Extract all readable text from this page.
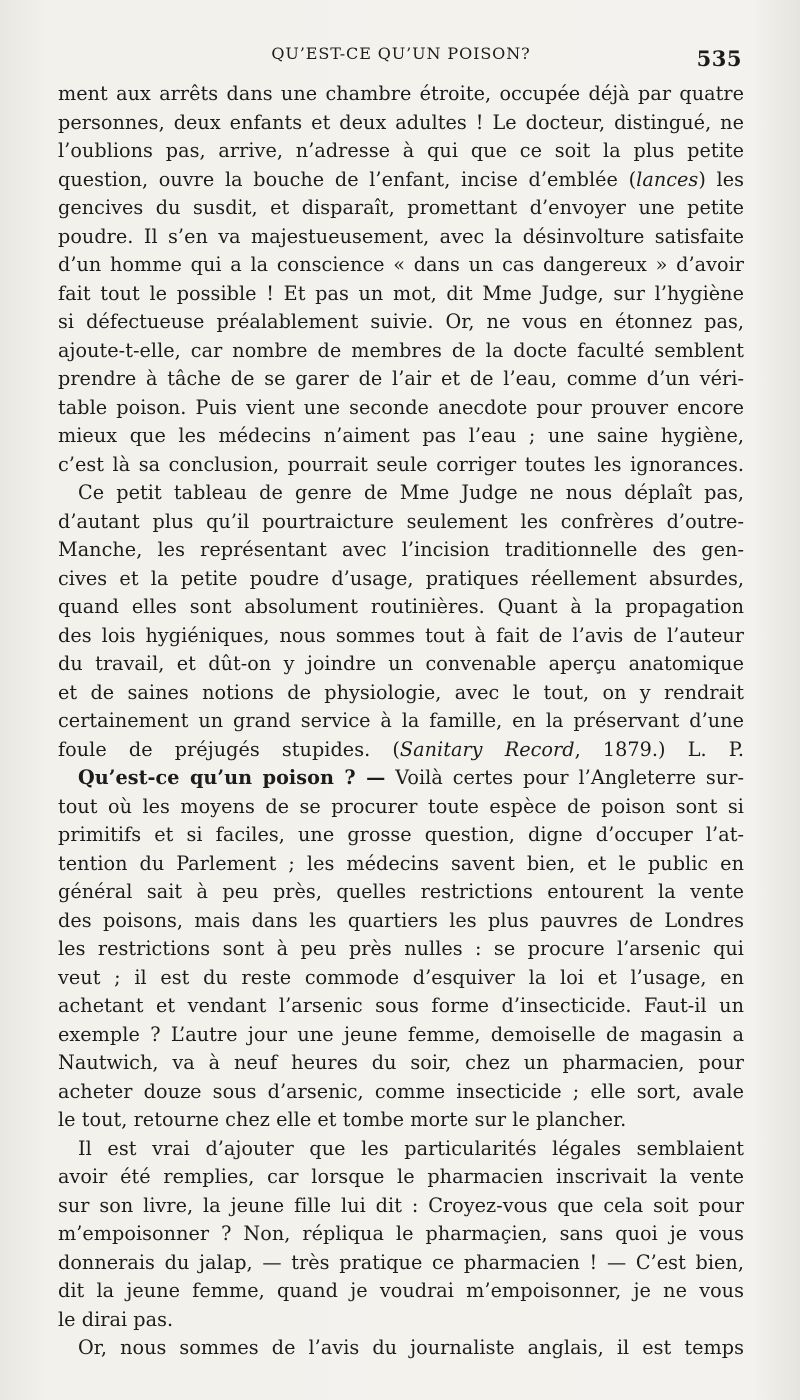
QU’EST-CE QU’UN POISON?	535
ment aux arrêts dans une chambre étroite, occupée déjà par quatre
personnes, deux enfants et deux adultes ! Le docteur, distingué, ne
l’oublions pas, arrive, n’adresse à qui que ce soit la plus petite
question, ouvre la bouche de l’enfant, incise d’emblée (lances) les
gencives du susdit, et disparaît, promettant d’envoyer une petite
poudre. Il s’en va majestueusement, avec la désinvolture satisfaite
d’un homme qui a la conscience « dans un cas dangereux » d’avoir
fait tout le possible ! Et pas un mot, dit Mme Judge, sur l’hygiène
si défectueuse préalablement suivie. Or, ne vous en étonnez pas,
ajoute-t-elle, car nombre de membres de la docte faculté semblent
prendre à tâche de se garer de l’air et de l’eau, comme d’un véri-
table poison. Puis vient une seconde anecdote pour prouver encore
mieux que les médecins n’aiment pas l’eau ; une saine hygiène,
c’est là sa conclusion, pourrait seule corriger toutes les ignorances.
Ce petit tableau de genre de Mme Judge ne nous déplaît pas,
d’autant plus qu’il pourtraicture seulement les confrères d’outre-
Manche, les représentant avec l’incision traditionnelle des gen-
cives et la petite poudre d’usage, pratiques réellement absurdes,
quand elles sont absolument routinières. Quant à la propagation
des lois hygiéniques, nous sommes tout à fait de l’avis de l’auteur
du travail, et dût-on y joindre un convenable aperçu anatomique
et de saines notions de physiologie, avec le tout, on y rendrait
certainement un grand service à la famille, en la préservant d’une
foule de préjugés stupides. (Sanitary Record, 1879.) L. P.
Qu’est-ce qu’un poison ? — Voilà certes pour l’Angleterre sur-
tout où les moyens de se procurer toute espèce de poison sont si
primitifs et si faciles, une grosse question, digne d’occuper l’at-
tention du Parlement ; les médecins savent bien, et le public en
général sait à peu près, quelles restrictions entourent la vente
des poisons, mais dans les quartiers les plus pauvres de Londres
les restrictions sont à peu près nulles : se procure l’arsenic qui
veut ; il est du reste commode d’esquiver la loi et l’usage, en
achetant et vendant l’arsenic sous forme d’insecticide. Faut-il un
exemple ? L’autre jour une jeune femme, demoiselle de magasin a
Nautwich, va à neuf heures du soir, chez un pharmacien, pour
acheter douze sous d’arsenic, comme insecticide ; elle sort, avale
le tout, retourne chez elle et tombe morte sur le plancher.
Il est vrai d’ajouter que les particularités légales semblaient
avoir été remplies, car lorsque le pharmacien inscrivait la vente
sur son livre, la jeune fille lui dit : Croyez-vous que cela soit pour
m’empoisonner ? Non, répliqua le pharmaçien, sans quoi je vous
donnerais du jalap, — très pratique ce pharmacien ! — C’est bien,
dit la jeune femme, quand je voudrai m’empoisonner, je ne vous
le dirai pas.
Or, nous sommes de l’avis du journaliste anglais, il est temps
